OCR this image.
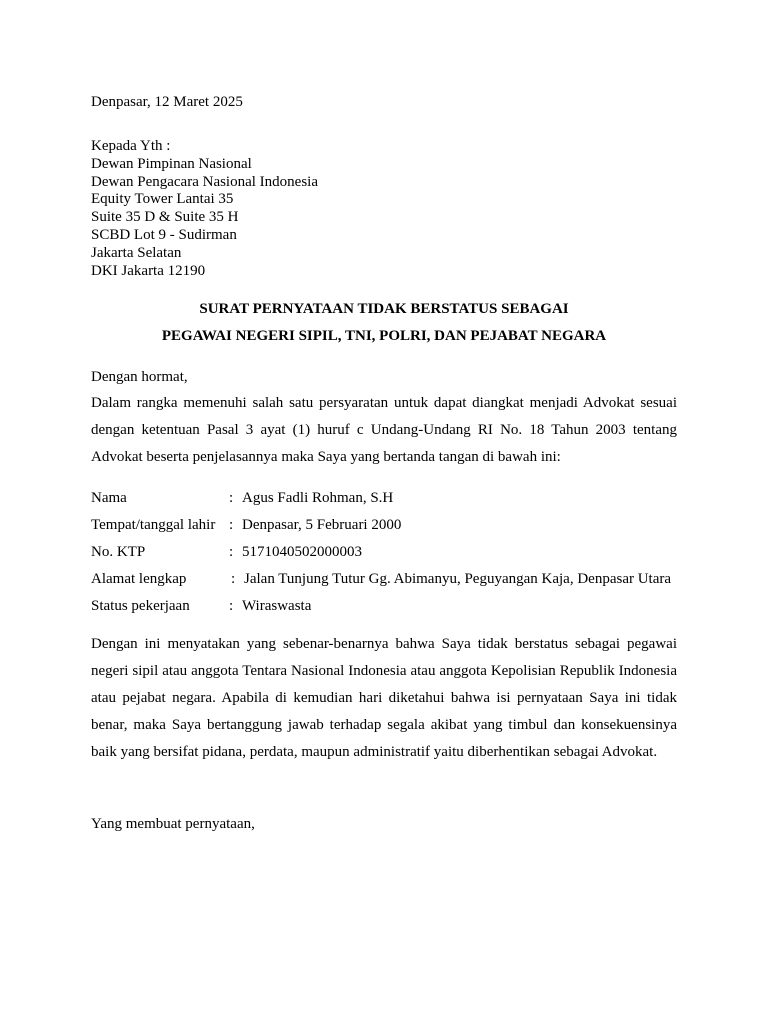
Denpasar, 12 Maret 2025
Kepada Yth :
Dewan Pimpinan Nasional
Dewan Pengacara Nasional Indonesia
Equity Tower Lantai 35
Suite 35 D & Suite 35 H
SCBD Lot 9 - Sudirman
Jakarta Selatan
DKI Jakarta 12190
SURAT PERNYATAAN TIDAK BERSTATUS SEBAGAI
PEGAWAI NEGERI SIPIL, TNI, POLRI, DAN PEJABAT NEGARA
Dengan hormat,
Dalam rangka memenuhi salah satu persyaratan untuk dapat diangkat menjadi Advokat sesuai dengan ketentuan Pasal 3 ayat (1) huruf c Undang-Undang RI No. 18 Tahun 2003 tentang Advokat beserta penjelasannya maka Saya yang bertanda tangan di bawah ini:
Nama	: Agus Fadli Rohman, S.H
Tempat/tanggal lahir : Denpasar, 5 Februari 2000
No. KTP	: 5171040502000003
Alamat lengkap	: Jalan Tunjung Tutur Gg. Abimanyu, Peguyangan Kaja, Denpasar Utara
Status pekerjaan	: Wiraswasta
Dengan ini menyatakan yang sebenar-benarnya bahwa Saya tidak berstatus sebagai pegawai negeri sipil atau anggota Tentara Nasional Indonesia atau anggota Kepolisian Republik Indonesia atau pejabat negara. Apabila di kemudian hari diketahui bahwa isi pernyataan Saya ini tidak benar, maka Saya bertanggung jawab terhadap segala akibat yang timbul dan konsekuensinya baik yang bersifat pidana, perdata, maupun administratif yaitu diberhentikan sebagai Advokat.
Yang membuat pernyataan,
